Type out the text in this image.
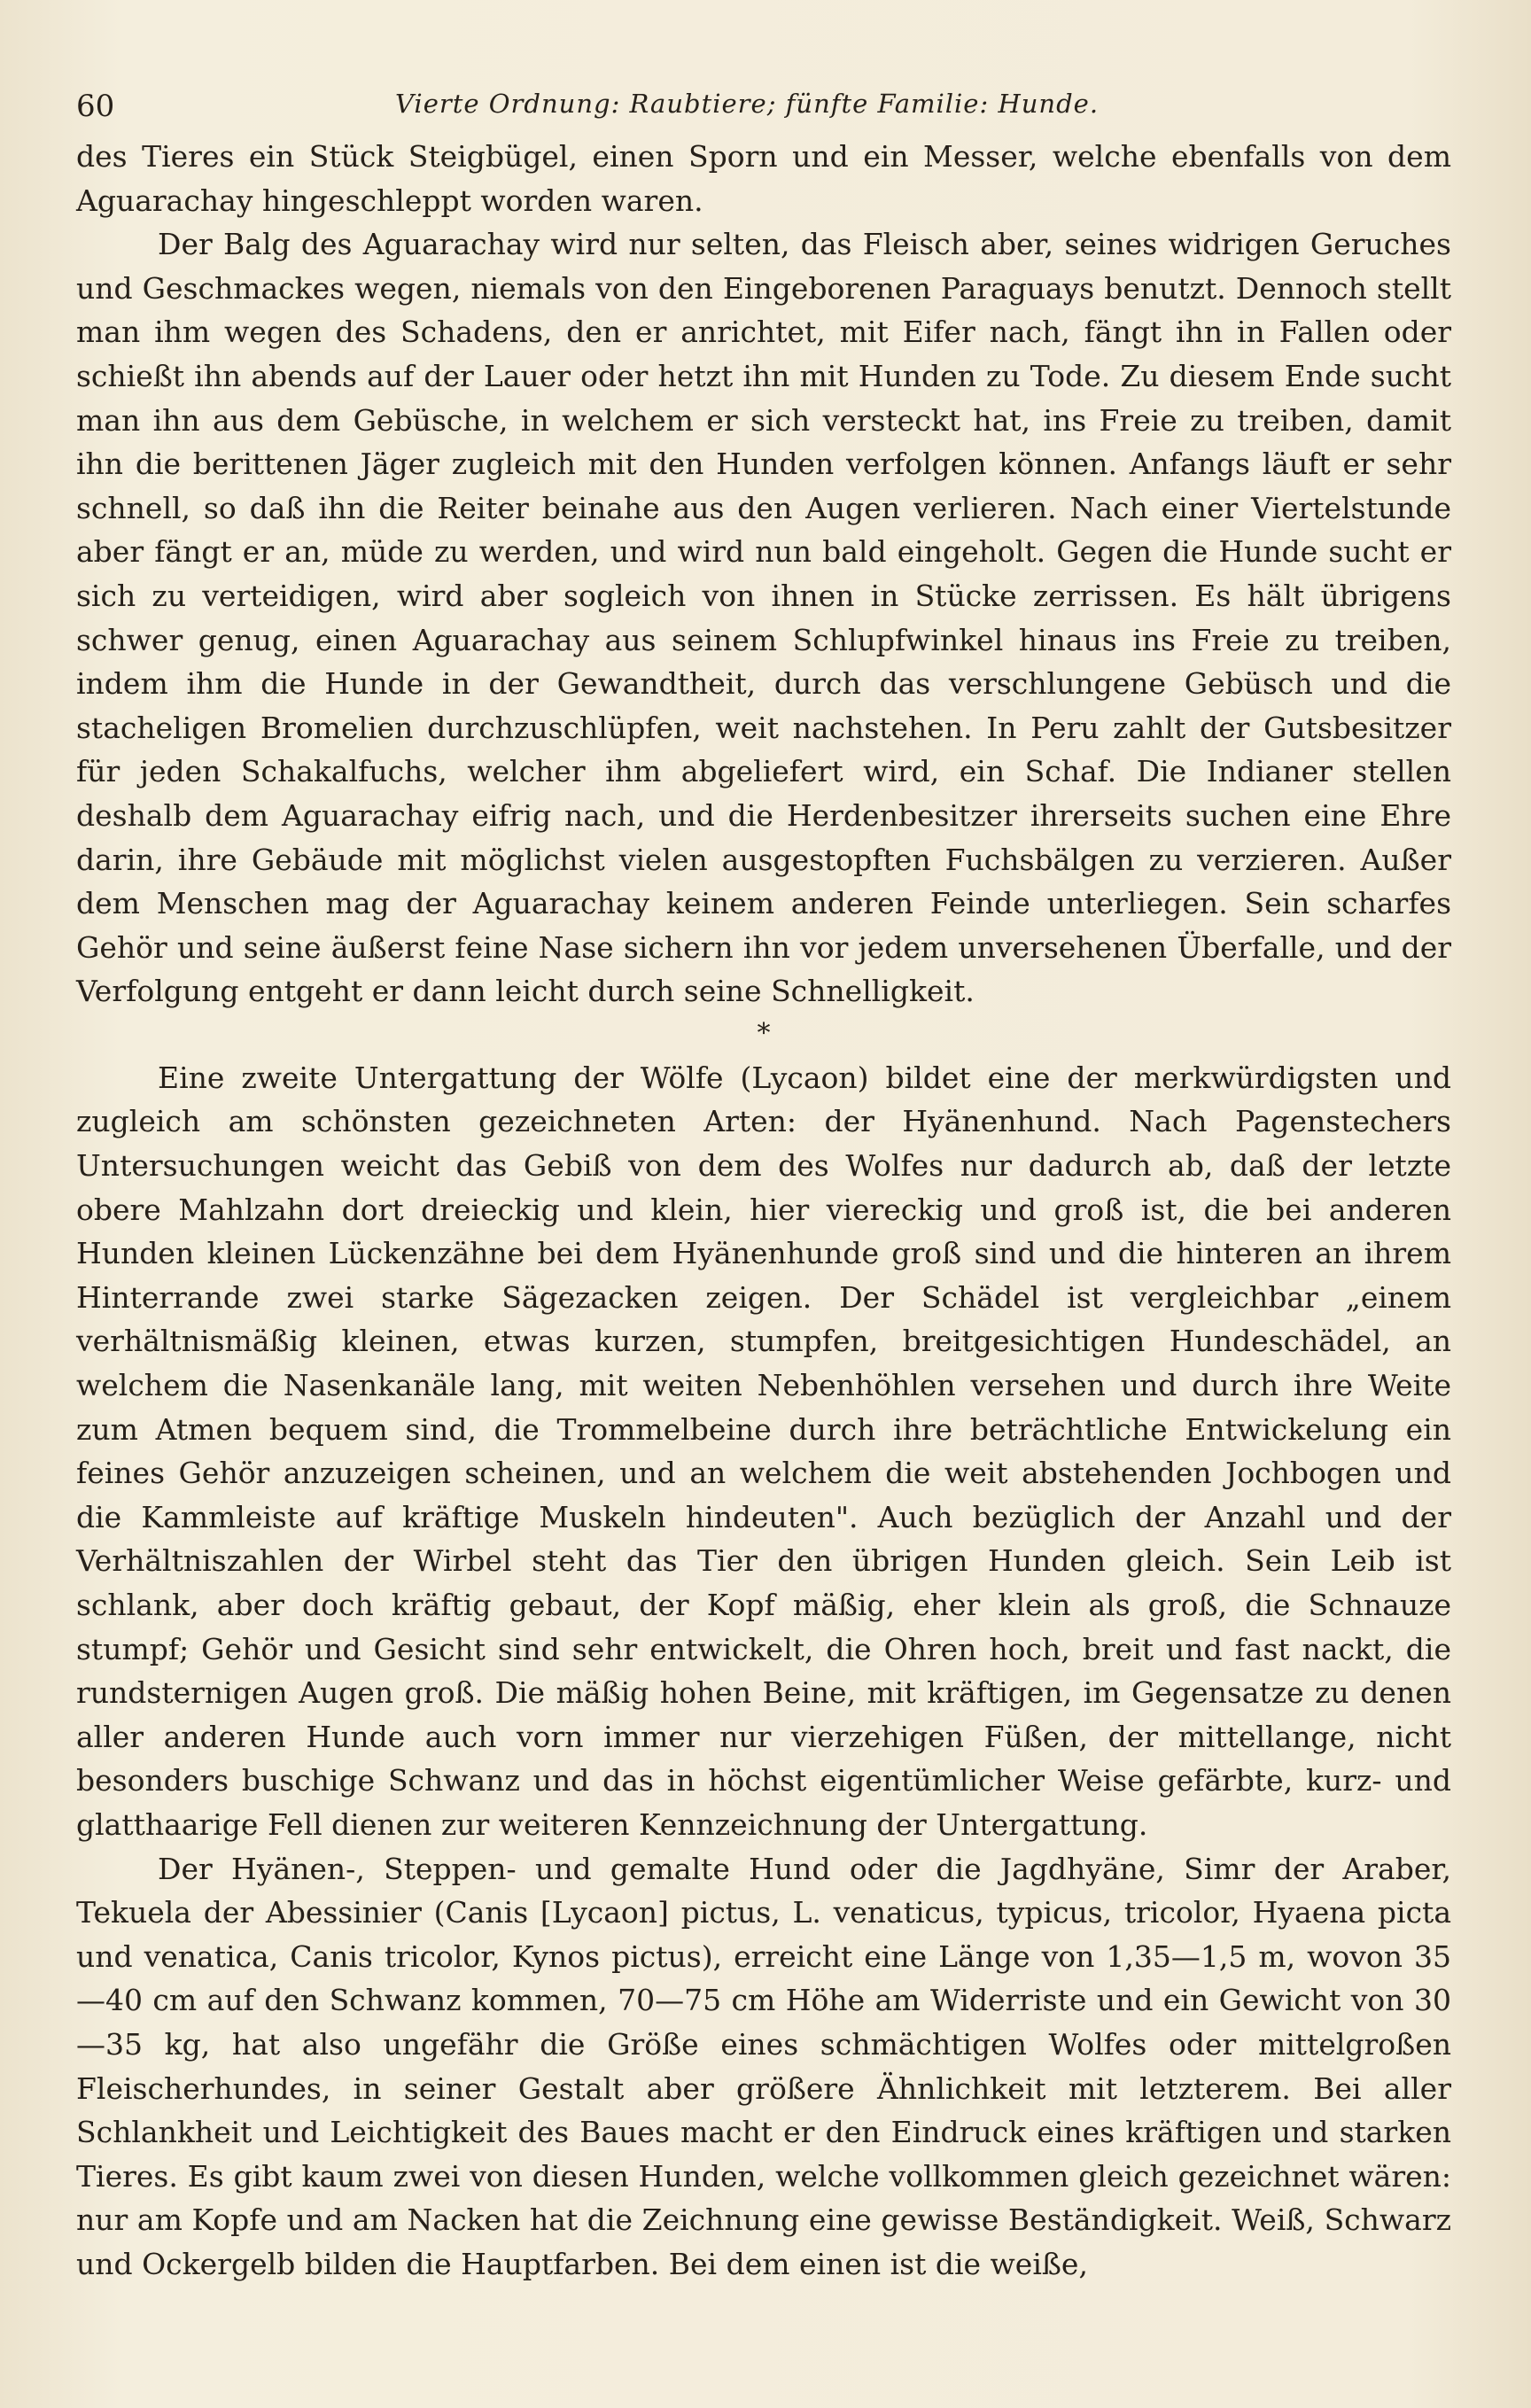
60	Vierte Ordnung: Raubtiere; fünfte Familie: Hunde.

des Tieres ein Stück Steigbügel, einen Sporn und ein Messer, welche ebenfalls von dem Aguarachay hingeschleppt worden waren.

Der Balg des Aguarachay wird nur selten, das Fleisch aber, seines widrigen Geruches und Geschmackes wegen, niemals von den Eingeborenen Paraguays benutzt. Dennoch stellt man ihm wegen des Schadens, den er anrichtet, mit Eifer nach, fängt ihn in Fallen oder schießt ihn abends auf der Lauer oder hetzt ihn mit Hunden zu Tode. Zu diesem Ende sucht man ihn aus dem Gebüsche, in welchem er sich versteckt hat, ins Freie zu treiben, damit ihn die berittenen Jäger zugleich mit den Hunden verfolgen können. Anfangs läuft er sehr schnell, so daß ihn die Reiter beinahe aus den Augen verlieren. Nach einer Viertelstunde aber fängt er an, müde zu werden, und wird nun bald eingeholt. Gegen die Hunde sucht er sich zu verteidigen, wird aber sogleich von ihnen in Stücke zerrissen. Es hält übrigens schwer genug, einen Aguarachay aus seinem Schlupfwinkel hinaus ins Freie zu treiben, indem ihm die Hunde in der Gewandtheit, durch das verschlungene Gebüsch und die stacheligen Bromelien durchzuschlüpfen, weit nachstehen. In Peru zahlt der Gutsbesitzer für jeden Schakalfuchs, welcher ihm abgeliefert wird, ein Schaf. Die Indianer stellen deshalb dem Aguarachay eifrig nach, und die Herdenbesitzer ihrerseits suchen eine Ehre darin, ihre Gebäude mit möglichst vielen ausgestopften Fuchsbälgen zu verzieren. Außer dem Menschen mag der Aguarachay keinem anderen Feinde unterliegen. Sein scharfes Gehör und seine äußerst feine Nase sichern ihn vor jedem unversehenen Überfalle, und der Verfolgung entgeht er dann leicht durch seine Schnelligkeit.

*

Eine zweite Untergattung der Wölfe (Lycaon) bildet eine der merkwürdigsten und zugleich am schönsten gezeichneten Arten: der Hyänenhund. Nach Pagenstechers Untersuchungen weicht das Gebiß von dem des Wolfes nur dadurch ab, daß der letzte obere Mahlzahn dort dreieckig und klein, hier viereckig und groß ist, die bei anderen Hunden kleinen Lückenzähne bei dem Hyänenhunde groß sind und die hinteren an ihrem Hinterrande zwei starke Sägezacken zeigen. Der Schädel ist vergleichbar „einem verhältnismäßig kleinen, etwas kurzen, stumpfen, breitgesichtigen Hundeschädel, an welchem die Nasenkanäle lang, mit weiten Nebenhöhlen versehen und durch ihre Weite zum Atmen bequem sind, die Trommelbeine durch ihre beträchtliche Entwickelung ein feines Gehör anzuzeigen scheinen, und an welchem die weit abstehenden Jochbogen und die Kammleiste auf kräftige Muskeln hindeuten". Auch bezüglich der Anzahl und der Verhältniszahlen der Wirbel steht das Tier den übrigen Hunden gleich. Sein Leib ist schlank, aber doch kräftig gebaut, der Kopf mäßig, eher klein als groß, die Schnauze stumpf; Gehör und Gesicht sind sehr entwickelt, die Ohren hoch, breit und fast nackt, die rundsternigen Augen groß. Die mäßig hohen Beine, mit kräftigen, im Gegensatze zu denen aller anderen Hunde auch vorn immer nur vierzehigen Füßen, der mittellange, nicht besonders buschige Schwanz und das in höchst eigentümlicher Weise gefärbte, kurz- und glatthaarige Fell dienen zur weiteren Kennzeichnung der Untergattung.

Der Hyänen-, Steppen- und gemalte Hund oder die Jagdhyäne, Simr der Araber, Tekuela der Abessinier (Canis [Lycaon] pictus, L. venaticus, typicus, tricolor, Hyaena picta und venatica, Canis tricolor, Kynos pictus), erreicht eine Länge von 1,35—1,5 m, wovon 35—40 cm auf den Schwanz kommen, 70—75 cm Höhe am Widerriste und ein Gewicht von 30—35 kg, hat also ungefähr die Größe eines schmächtigen Wolfes oder mittelgroßen Fleischerhundes, in seiner Gestalt aber größere Ähnlichkeit mit letzterem. Bei aller Schlankheit und Leichtigkeit des Baues macht er den Eindruck eines kräftigen und starken Tieres. Es gibt kaum zwei von diesen Hunden, welche vollkommen gleich gezeichnet wären: nur am Kopfe und am Nacken hat die Zeichnung eine gewisse Beständigkeit. Weiß, Schwarz und Ockergelb bilden die Hauptfarben. Bei dem einen ist die weiße,
